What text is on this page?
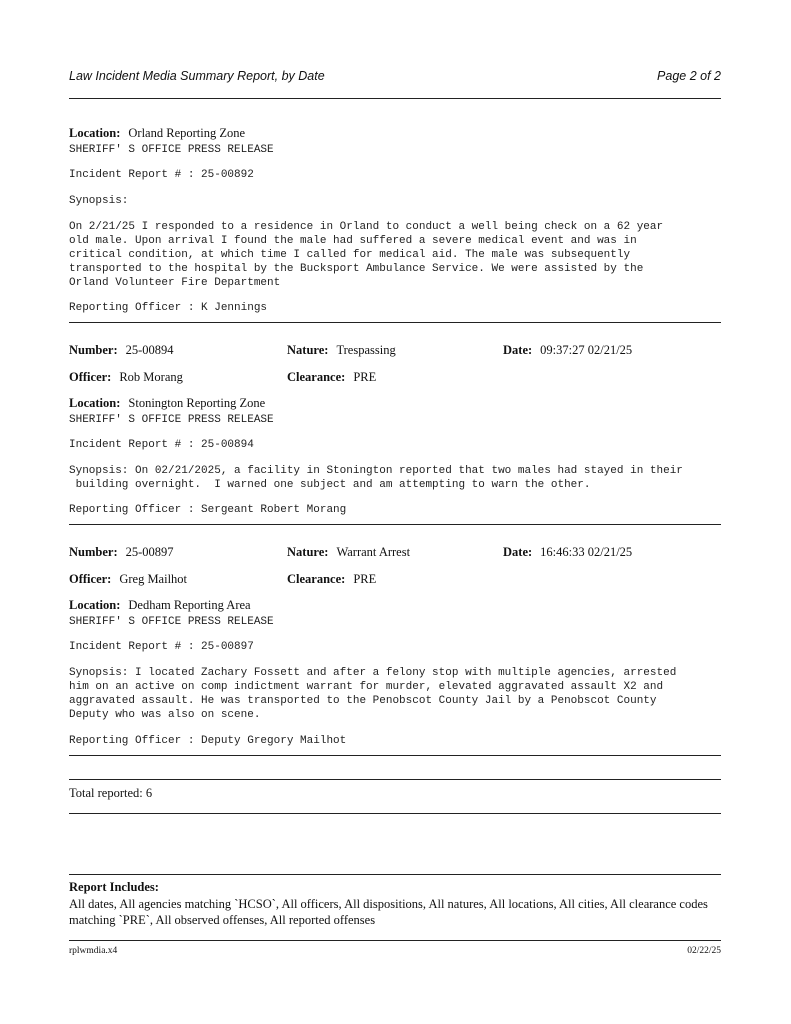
Law Incident Media Summary Report, by Date	Page 2 of 2
Location: Orland Reporting Zone
SHERIFF' S OFFICE PRESS RELEASE
Incident Report # : 25-00892
Synopsis:
On 2/21/25 I responded to a residence in Orland to conduct a well being check on a 62 year
old male. Upon arrival I found the male had suffered a severe medical event and was in
critical condition, at which time I called for medical aid. The male was subsequently
transported to the hospital by the Bucksport Ambulance Service. We were assisted by the
Orland Volunteer Fire Department
Reporting Officer : K Jennings
Number: 25-00894	Nature: Trespassing	Date: 09:37:27 02/21/25
Officer: Rob Morang	Clearance: PRE
Location: Stonington Reporting Zone
SHERIFF' S OFFICE PRESS RELEASE
Incident Report # : 25-00894
Synopsis: On 02/21/2025, a facility in Stonington reported that two males had stayed in their
building overnight.  I warned one subject and am attempting to warn the other.
Reporting Officer : Sergeant Robert Morang
Number: 25-00897	Nature: Warrant Arrest	Date: 16:46:33 02/21/25
Officer: Greg Mailhot	Clearance: PRE
Location: Dedham Reporting Area
SHERIFF' S OFFICE PRESS RELEASE
Incident Report # : 25-00897
Synopsis: I located Zachary Fossett and after a felony stop with multiple agencies, arrested
him on an active on comp indictment warrant for murder, elevated aggravated assault X2 and
aggravated assault. He was transported to the Penobscot County Jail by a Penobscot County
Deputy who was also on scene.
Reporting Officer : Deputy Gregory Mailhot
Total reported: 6
Report Includes:
All dates, All agencies matching `HCSO`, All officers, All dispositions, All natures, All locations, All cities, All clearance codes matching `PRE`, All observed offenses, All reported offenses
rplwmdia.x4	02/22/25
